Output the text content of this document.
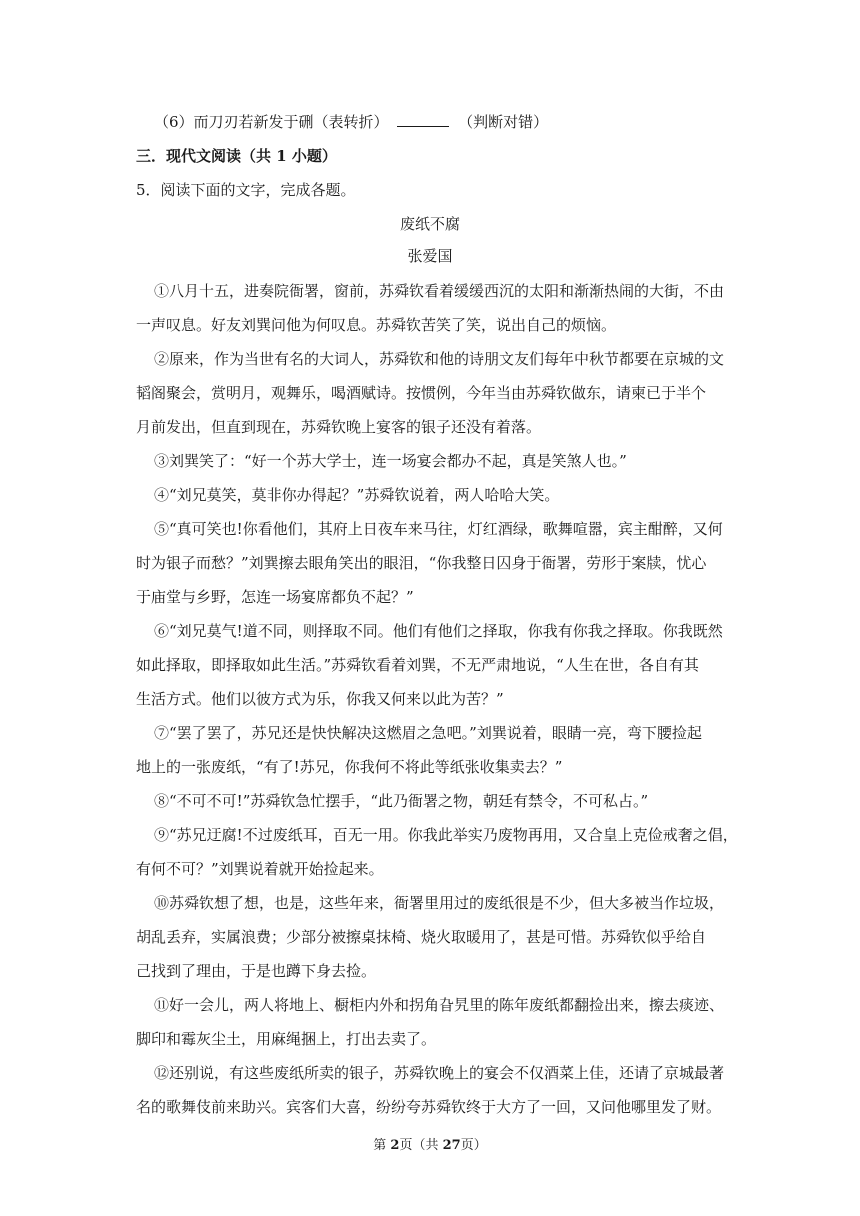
（6）而刀刃若新发于硎（表转折）	（判断对错）
三．现代文阅读（共 1 小题）
5．阅读下面的文字，完成各题。
废纸不腐
张爱国
①八月十五，进奏院衙署，窗前，苏舜钦看着缓缓西沉的太阳和渐渐热闹的大街，不由
一声叹息。好友刘巽问他为何叹息。苏舜钦苦笑了笑，说出自己的烦恼。
②原来，作为当世有名的大词人，苏舜钦和他的诗朋文友们每年中秋节都要在京城的文
韬阁聚会，赏明月，观舞乐，喝酒赋诗。按惯例，今年当由苏舜钦做东，请柬已于半个
月前发出，但直到现在，苏舜钦晚上宴客的银子还没有着落。
③刘巽笑了：“好一个苏大学士，连一场宴会都办不起，真是笑煞人也。”
④“刘兄莫笑，莫非你办得起？”苏舜钦说着，两人哈哈大笑。
⑤“真可笑也!你看他们，其府上日夜车来马往，灯红酒绿，歌舞喧嚣，宾主酣醉，又何
时为银子而愁？”刘巽擦去眼角笑出的眼泪，“你我整日囚身于衙署，劳形于案牍，忧心
于庙堂与乡野，怎连一场宴席都负不起？”
⑥“刘兄莫气!道不同，则择取不同。他们有他们之择取，你我有你我之择取。你我既然
如此择取，即择取如此生活。”苏舜钦看着刘巽，不无严肃地说，“人生在世，各自有其
生活方式。他们以彼方式为乐，你我又何来以此为苦？”
⑦“罢了罢了，苏兄还是快快解决这燃眉之急吧。”刘巽说着，眼睛一亮，弯下腰捡起
地上的一张废纸，“有了!苏兄，你我何不将此等纸张收集卖去？”
⑧“不可不可!”苏舜钦急忙摆手，“此乃衙署之物，朝廷有禁令，不可私占。”
⑨“苏兄迂腐!不过废纸耳，百无一用。你我此举实乃废物再用，又合皇上克俭戒奢之倡，
有何不可？”刘巽说着就开始捡起来。
⑩苏舜钦想了想，也是，这些年来，衙署里用过的废纸很是不少，但大多被当作垃圾，
胡乱丢弃，实属浪费；少部分被擦桌抹椅、烧火取暖用了，甚是可惜。苏舜钦似乎给自
己找到了理由，于是也蹲下身去捡。
⑪好一会儿，两人将地上、橱柜内外和拐角旮旯里的陈年废纸都翻捡出来，擦去痰迹、
脚印和霉灰尘土，用麻绳捆上，打出去卖了。
⑫还别说，有这些废纸所卖的银子，苏舜钦晚上的宴会不仅酒菜上佳，还请了京城最著
名的歌舞伎前来助兴。宾客们大喜，纷纷夸苏舜钦终于大方了一回，又问他哪里发了财。
第 2页（共 27页）
